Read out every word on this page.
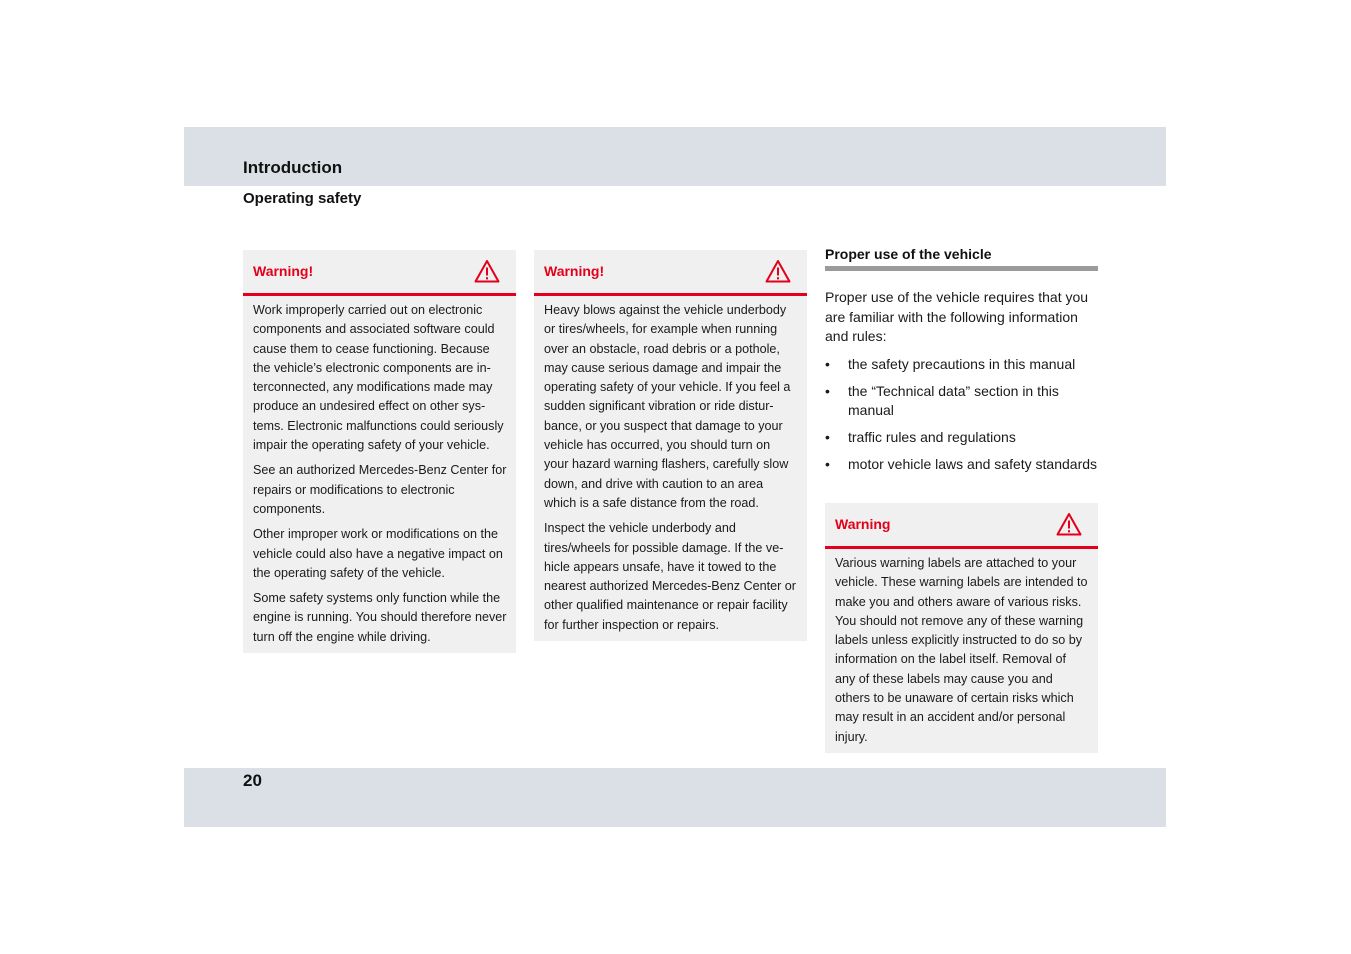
Introduction
Operating safety
Warning!

Work improperly carried out on electronic components and associated software could cause them to cease functioning. Because the vehicle’s electronic components are interconnected, any modifications made may produce an undesired effect on other systems. Electronic malfunctions could seriously impair the operating safety of your vehicle.

See an authorized Mercedes-Benz Center for repairs or modifications to electronic components.

Other improper work or modifications on the vehicle could also have a negative impact on the operating safety of the vehicle.

Some safety systems only function while the engine is running. You should therefore never turn off the engine while driving.

Warning!

Heavy blows against the vehicle underbody or tires/wheels, for example when running over an obstacle, road debris or a pothole, may cause serious damage and impair the operating safety of your vehicle. If you feel a sudden significant vibration or ride disturbance, or you suspect that damage to your vehicle has occurred, you should turn on your hazard warning flashers, carefully slow down, and drive with caution to an area which is a safe distance from the road.

Inspect the vehicle underbody and tires/wheels for possible damage. If the vehicle appears unsafe, have it towed to the nearest authorized Mercedes-Benz Center or other qualified maintenance or repair facility for further inspection or repairs.

Proper use of the vehicle
Proper use of the vehicle requires that you are familiar with the following information and rules:
• the safety precautions in this manual
• the “Technical data” section in this manual
• traffic rules and regulations
• motor vehicle laws and safety standards
Warning

Various warning labels are attached to your vehicle. These warning labels are intended to make you and others aware of various risks. You should not remove any of these warning labels unless explicitly instructed to do so by information on the label itself. Removal of any of these labels may cause you and others to be unaware of certain risks which may result in an accident and/or personal injury.

20
